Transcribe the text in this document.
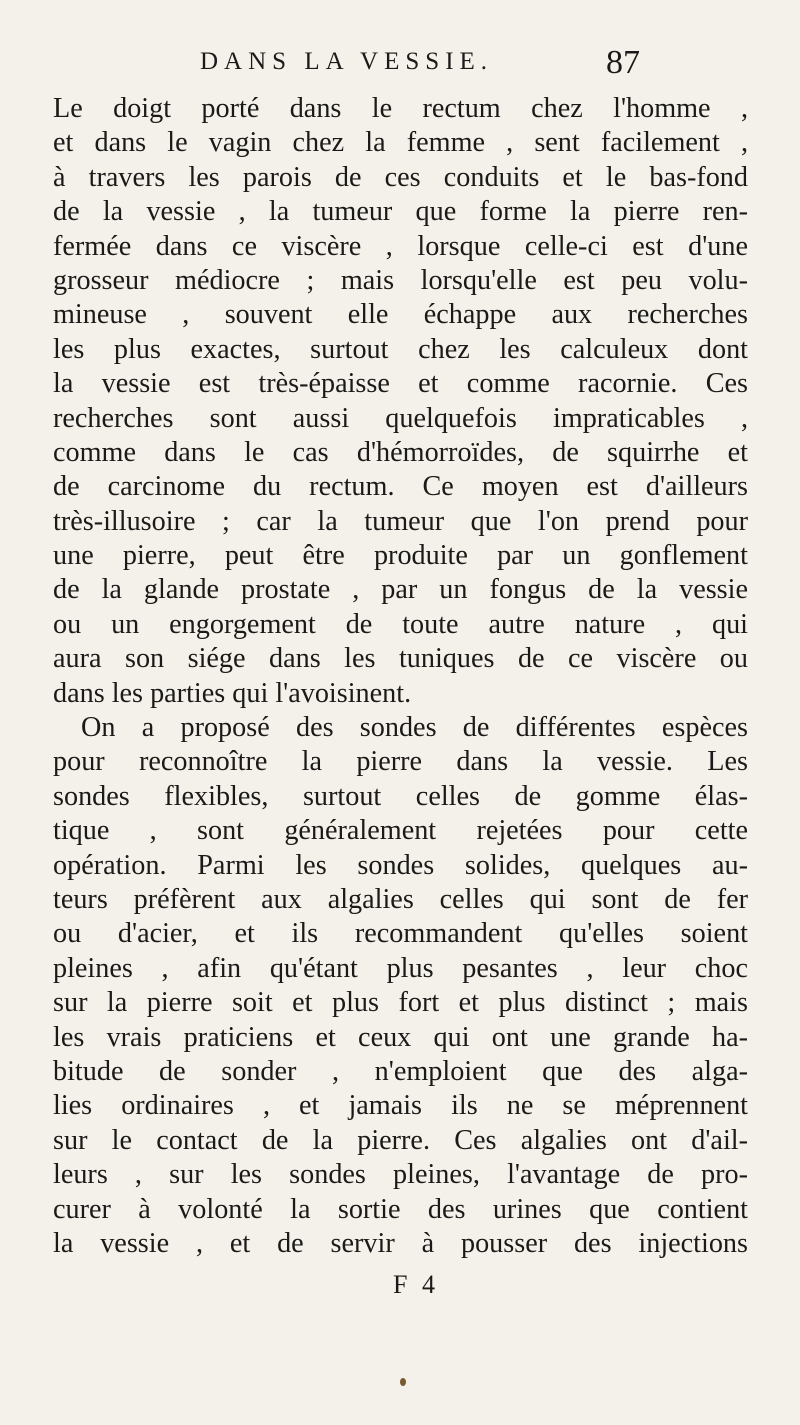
DANS LA VESSIE.	87
Le doigt porté dans le rectum chez l'homme ,
et dans le vagin chez la femme , sent facilement ,
à travers les parois de ces conduits et le bas-fond
de la vessie , la tumeur que forme la pierre ren-
fermée dans ce viscère , lorsque celle-ci est d'une
grosseur médiocre ; mais lorsqu'elle est peu volu-
mineuse , souvent elle échappe aux recherches
les plus exactes, surtout chez les calculeux dont
la vessie est très-épaisse et comme racornie. Ces
recherches sont aussi quelquefois impraticables ,
comme dans le cas d'hémorroïdes, de squirrhe et
de carcinome du rectum. Ce moyen est d'ailleurs
très-illusoire ; car la tumeur que l'on prend pour
une pierre, peut être produite par un gonflement
de la glande prostate , par un fongus de la vessie
ou un engorgement de toute autre nature , qui
aura son siége dans les tuniques de ce viscère ou
dans les parties qui l'avoisinent.
On a proposé des sondes de différentes espèces
pour reconnoître la pierre dans la vessie. Les
sondes flexibles, surtout celles de gomme élas-
tique , sont généralement rejetées pour cette
opération. Parmi les sondes solides, quelques au-
teurs préfèrent aux algalies celles qui sont de fer
ou d'acier, et ils recommandent qu'elles soient
pleines , afin qu'étant plus pesantes , leur choc
sur la pierre soit et plus fort et plus distinct ; mais
les vrais praticiens et ceux qui ont une grande ha-
bitude de sonder , n'emploient que des alga-
lies ordinaires , et jamais ils ne se méprennent
sur le contact de la pierre. Ces algalies ont d'ail-
leurs , sur les sondes pleines, l'avantage de pro-
curer à volonté la sortie des urines que contient
la vessie , et de servir à pousser des injections
F 4
